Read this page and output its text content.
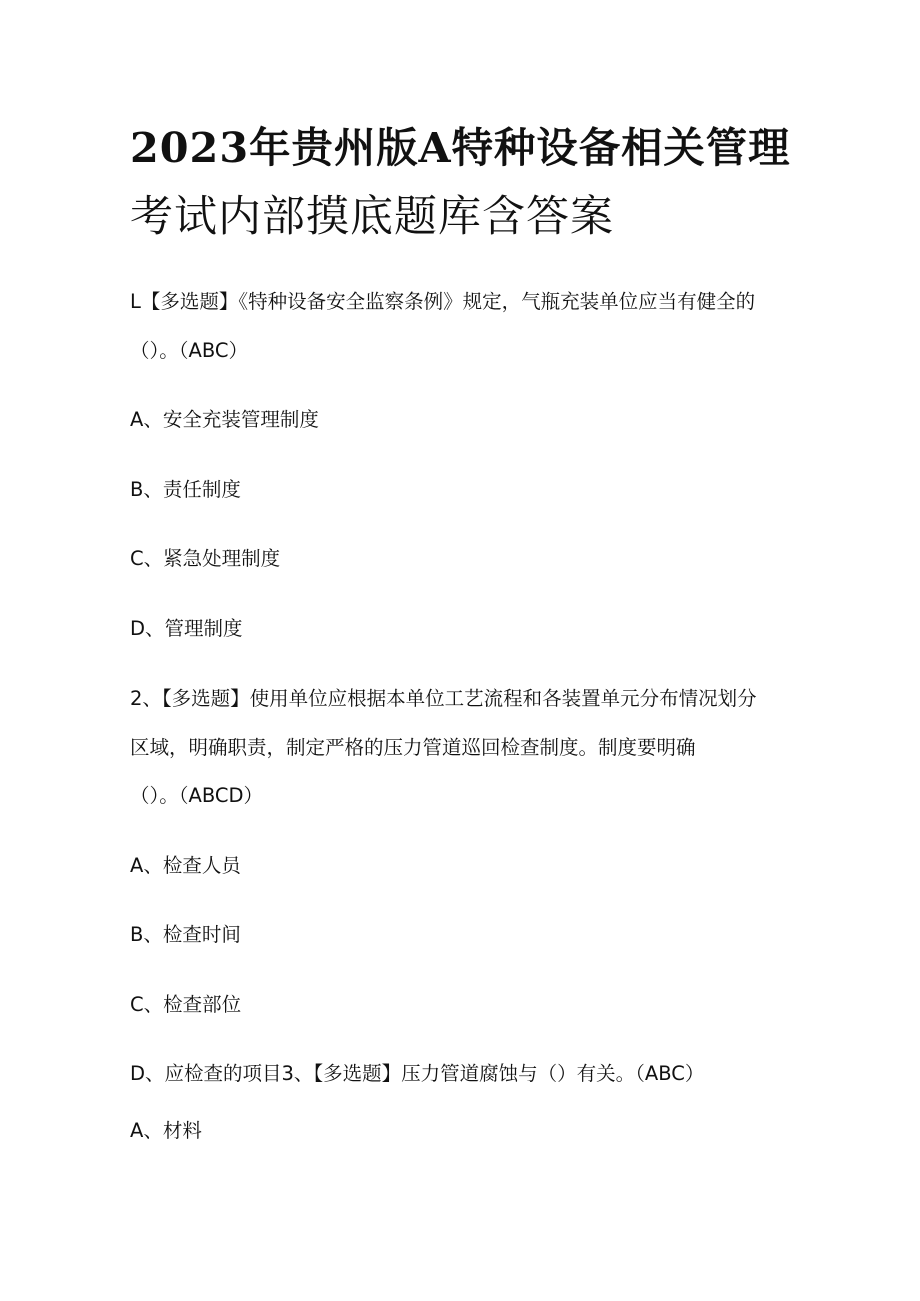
2023年贵州版A特种设备相关管理
考试内部摸底题库含答案
L【多选题】《特种设备安全监察条例》规定，气瓶充装单位应当有健全的
（）。（ABC）
A、安全充装管理制度
B、责任制度
C、紧急处理制度
D、管理制度
2、【多选题】使用单位应根据本单位工艺流程和各装置单元分布情况划分
区域，明确职责，制定严格的压力管道巡回检查制度。制度要明确
（）。（ABCD）
A、检查人员
B、检查时间
C、检查部位
D、应检查的项目3、【多选题】压力管道腐蚀与（）有关。（ABC）
A、材料
